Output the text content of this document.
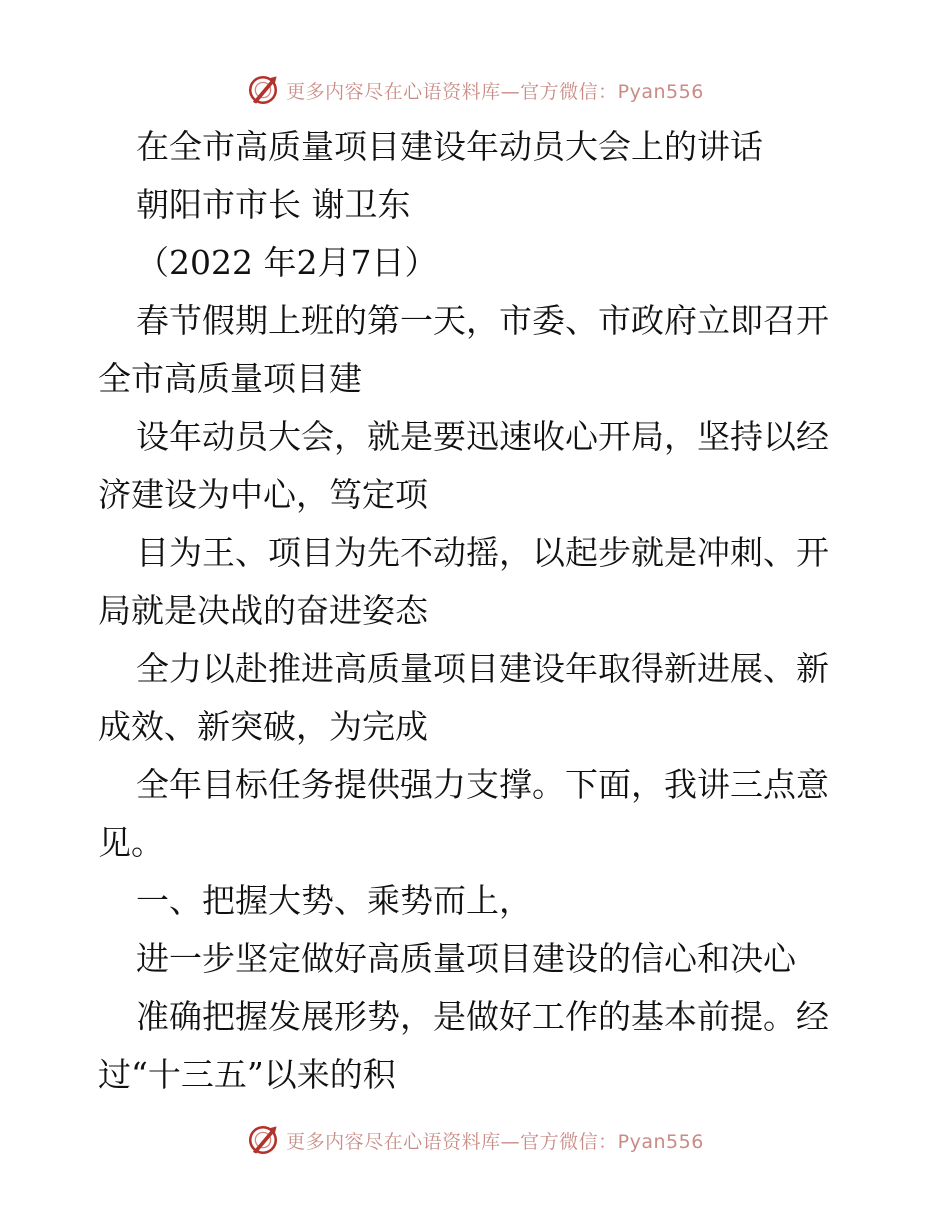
更多内容尽在心语资料库—官方微信：Pyan556
在全市高质量项目建设年动员大会上的讲话
朝阳市市长 谢卫东
（2022 年2月7日）
春节假期上班的第一天，市委、市政府立即召开
全市高质量项目建
设年动员大会，就是要迅速收心开局，坚持以经
济建设为中心，笃定项
目为王、项目为先不动摇，以起步就是冲刺、开
局就是决战的奋进姿态
全力以赴推进高质量项目建设年取得新进展、新
成效、新突破，为完成
全年目标任务提供强力支撑。下面，我讲三点意
见。
一、把握大势、乘势而上，
进一步坚定做好高质量项目建设的信心和决心
准确把握发展形势，是做好工作的基本前提。经
过“十三五”以来的积
更多内容尽在心语资料库—官方微信：Pyan556
